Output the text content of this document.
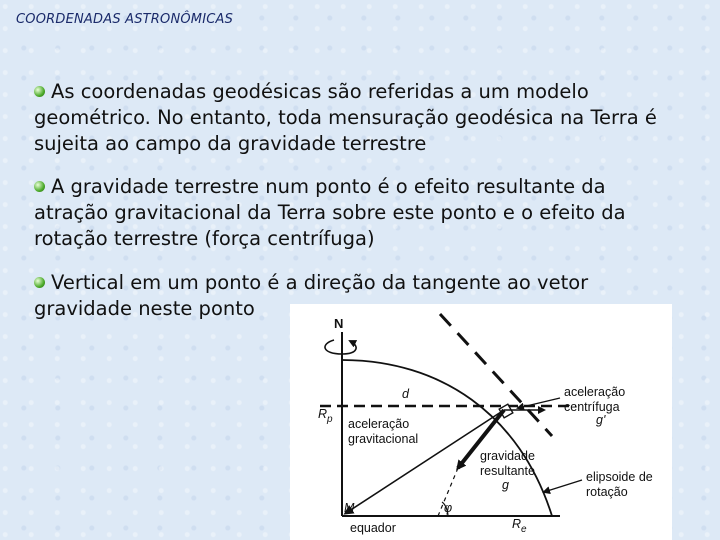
COORDENADAS ASTRONÔMICAS
As coordenadas geodésicas são referidas a um modelo geométrico. No entanto, toda mensuração geodésica na Terra é sujeita ao campo da gravidade terrestre
A gravidade terrestre num ponto é o efeito resultante da atração gravitacional da Terra sobre este ponto e o efeito da rotação terrestre (força centrífuga)
Vertical em um ponto é a direção da tangente ao vetor gravidade neste ponto
N
d
$R_p$ aceleração
gravitacional
aceleração
centrífuga
g'
gravidade
resultante
g
elipsoide de
rotação
M	φ
equador	$R_e$
